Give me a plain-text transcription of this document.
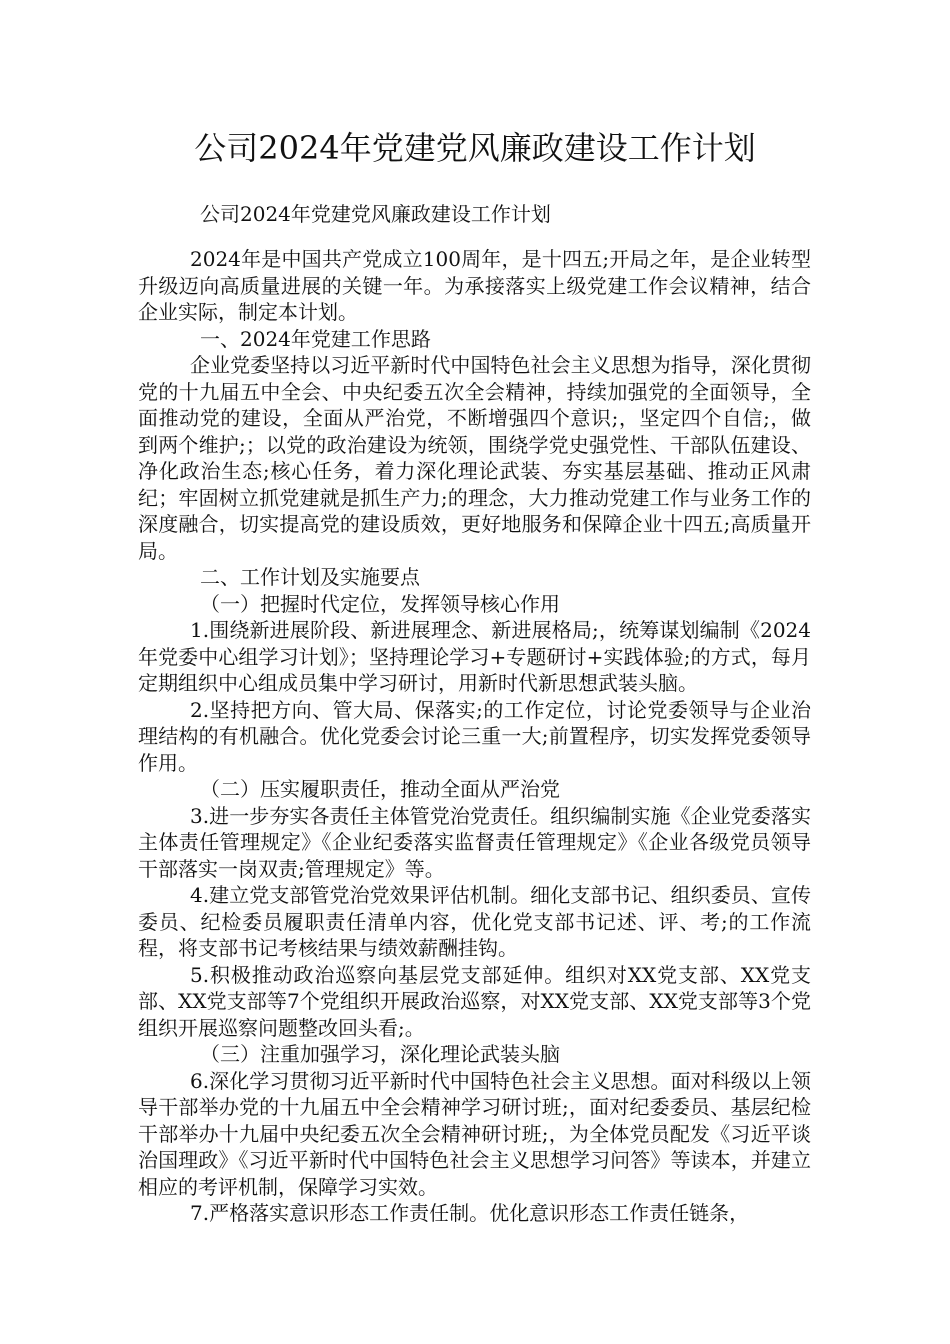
公司2024年党建党风廉政建设工作计划
公司2024年党建党风廉政建设工作计划

2024年是中国共产党成立100周年，是十四五;开局之年，是企业转型升级迈向高质量进展的关键一年。为承接落实上级党建工作会议精神，结合企业实际，制定本计划。

一、2024年党建工作思路

企业党委坚持以习近平新时代中国特色社会主义思想为指导，深化贯彻党的十九届五中全会、中央纪委五次全会精神，持续加强党的全面领导，全面推动党的建设，全面从严治党，不断增强四个意识;，坚定四个自信;，做到两个维护;；以党的政治建设为统领，围绕学党史强党性、干部队伍建设、净化政治生态;核心任务，着力深化理论武装、夯实基层基础、推动正风肃纪；牢固树立抓党建就是抓生产力;的理念，大力推动党建工作与业务工作的深度融合，切实提高党的建设质效，更好地服务和保障企业十四五;高质量开局。

二、工作计划及实施要点

（一）把握时代定位，发挥领导核心作用

1.围绕新进展阶段、新进展理念、新进展格局;，统筹谋划编制《2024年党委中心组学习计划》；坚持理论学习+专题研讨+实践体验;的方式，每月定期组织中心组成员集中学习研讨，用新时代新思想武装头脑。

2.坚持把方向、管大局、保落实;的工作定位，讨论党委领导与企业治理结构的有机融合。优化党委会讨论三重一大;前置程序，切实发挥党委领导作用。

（二）压实履职责任，推动全面从严治党

3.进一步夯实各责任主体管党治党责任。组织编制实施《企业党委落实主体责任管理规定》《企业纪委落实监督责任管理规定》《企业各级党员领导干部落实一岗双责;管理规定》等。

4.建立党支部管党治党效果评估机制。细化支部书记、组织委员、宣传委员、纪检委员履职责任清单内容，优化党支部书记述、评、考;的工作流程，将支部书记考核结果与绩效薪酬挂钩。

5.积极推动政治巡察向基层党支部延伸。组织对XX党支部、XX党支部、XX党支部等7个党组织开展政治巡察，对XX党支部、XX党支部等3个党组织开展巡察问题整改回头看;。

（三）注重加强学习，深化理论武装头脑

6.深化学习贯彻习近平新时代中国特色社会主义思想。面对科级以上领导干部举办党的十九届五中全会精神学习研讨班;，面对纪委委员、基层纪检干部举办十九届中央纪委五次全会精神研讨班;，为全体党员配发《习近平谈治国理政》《习近平新时代中国特色社会主义思想学习问答》等读本，并建立相应的考评机制，保障学习实效。

7.严格落实意识形态工作责任制。优化意识形态工作责任链条，
